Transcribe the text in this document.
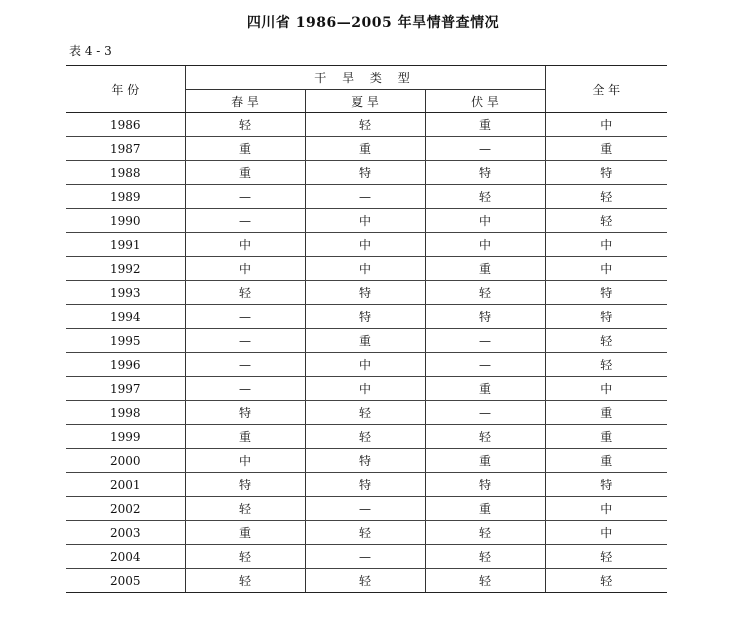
四川省 1986—2005 年旱情普查情况
表 4 - 3
年 份	干 旱 类 型			全 年
	春 旱	夏 旱	伏 旱	
1986	轻	轻	重	中
1987	重	重	—	重
1988	重	特	特	特
1989	—	—	轻	轻
1990	—	中	中	轻
1991	中	中	中	中
1992	中	中	重	中
1993	轻	特	轻	特
1994	—	特	特	特
1995	—	重	—	轻
1996	—	中	—	轻
1997	—	中	重	中
1998	特	轻	—	重
1999	重	轻	轻	重
2000	中	特	重	重
2001	特	特	特	特
2002	轻	—	重	中
2003	重	轻	轻	中
2004	轻	—	轻	轻
2005	轻	轻	轻	轻
